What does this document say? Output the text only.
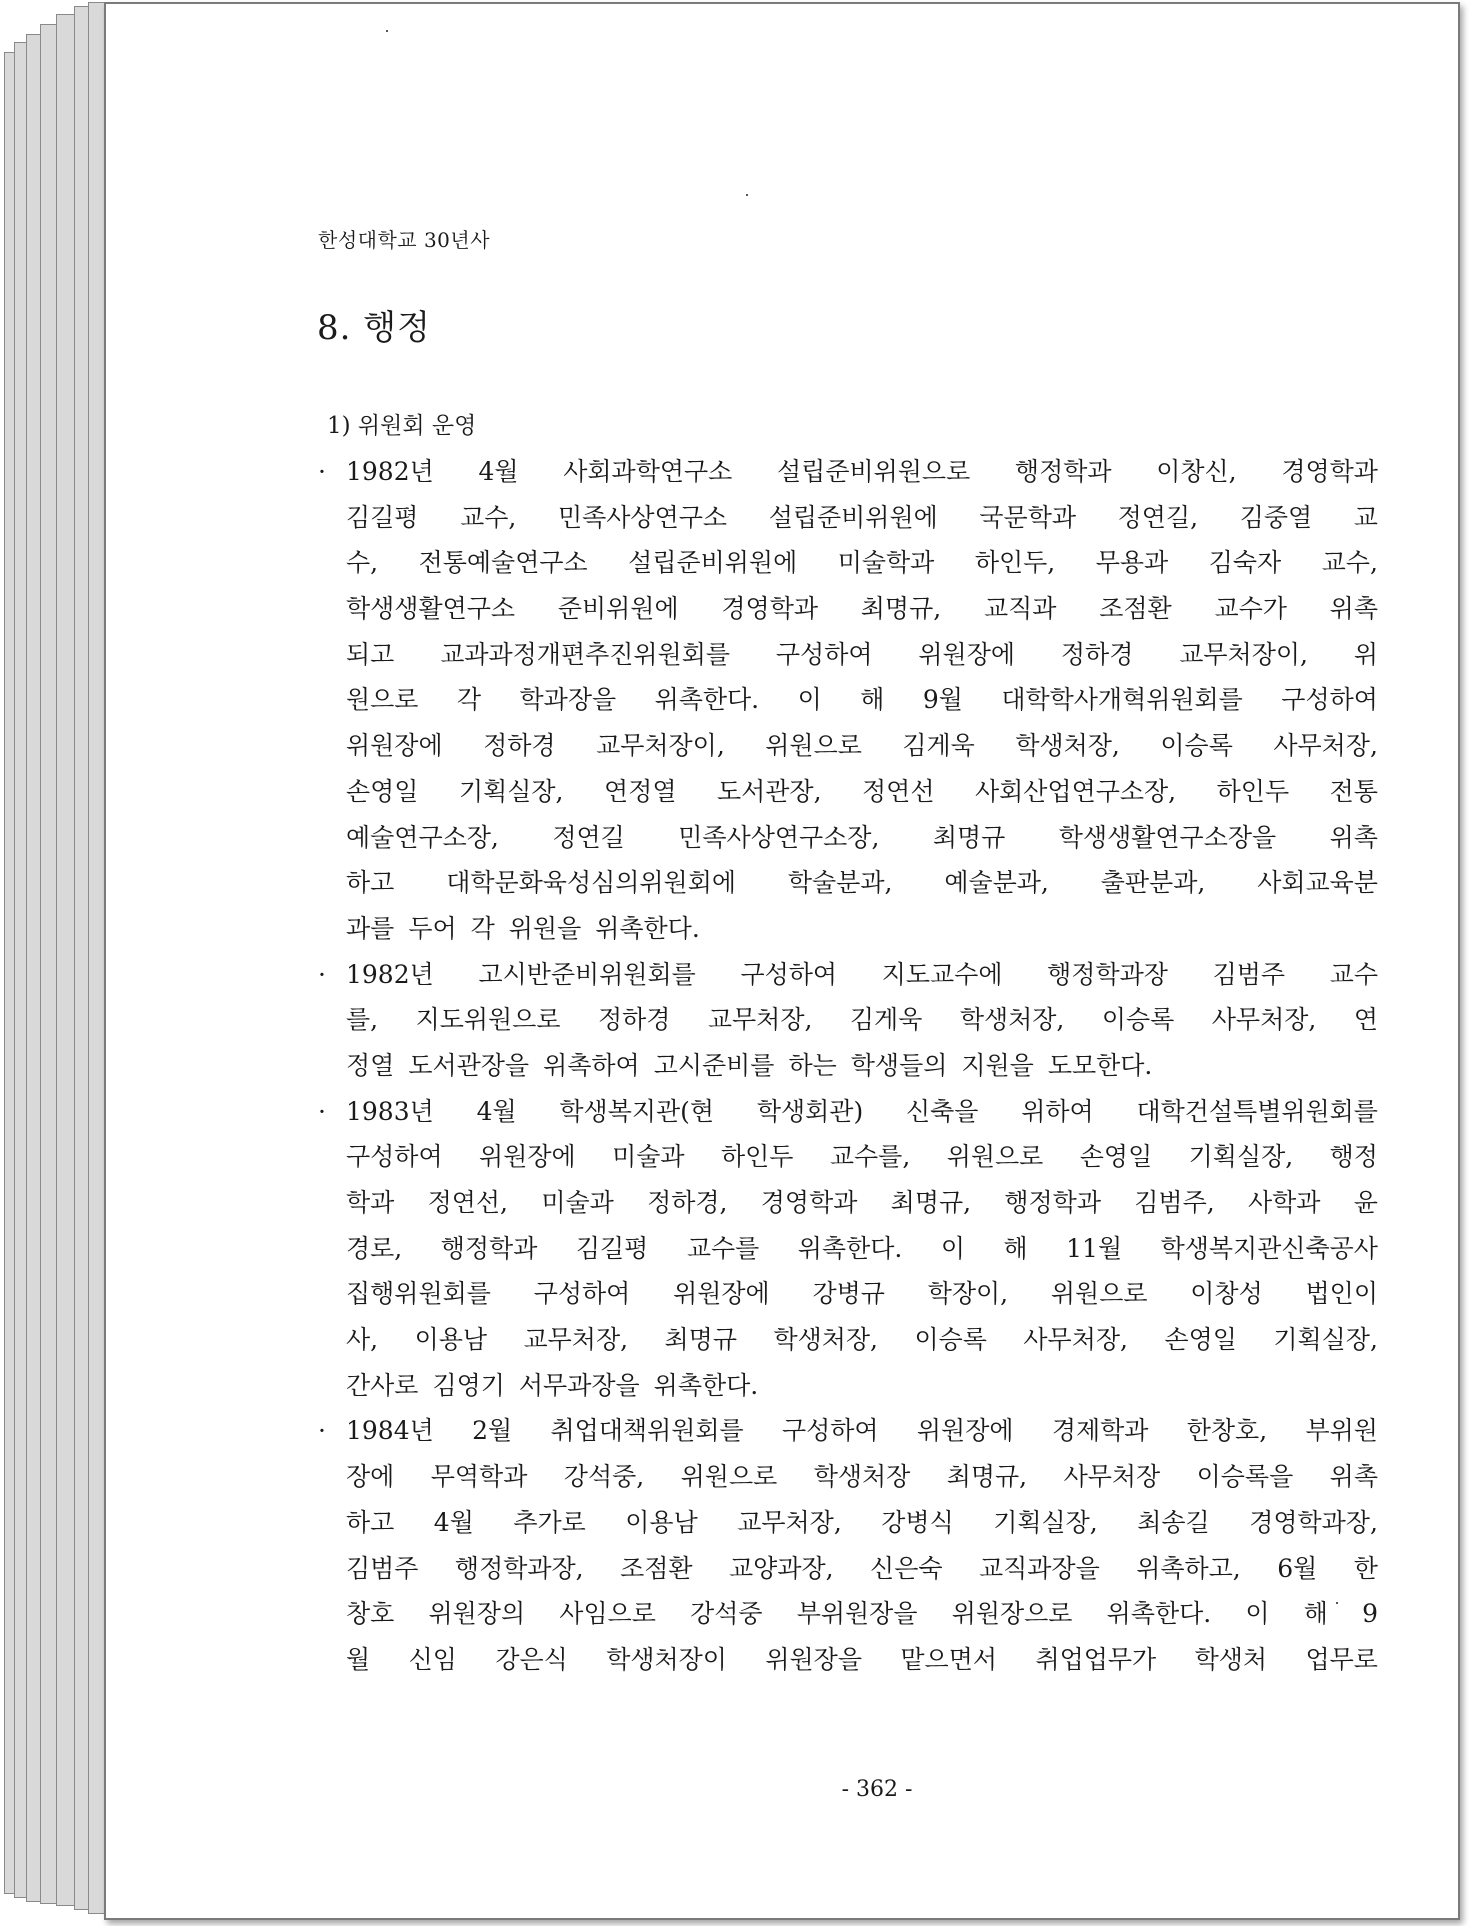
한성대학교 30년사
8. 행정
1) 위원회 운영
· 1982년 4월 사회과학연구소 설립준비위원으로 행정학과 이창신, 경영학과
김길평 교수, 민족사상연구소 설립준비위원에 국문학과 정연길, 김중열 교
수, 전통예술연구소 설립준비위원에 미술학과 하인두, 무용과 김숙자 교수,
학생생활연구소 준비위원에 경영학과 최명규, 교직과 조점환 교수가 위촉
되고 교과과정개편추진위원회를 구성하여 위원장에 정하경 교무처장이, 위
원으로 각 학과장을 위촉한다. 이 해 9월 대학학사개혁위원회를 구성하여
위원장에 정하경 교무처장이, 위원으로 김게욱 학생처장, 이승록 사무처장,
손영일 기획실장, 연정열 도서관장, 정연선 사회산업연구소장, 하인두 전통
예술연구소장, 정연길 민족사상연구소장, 최명규 학생생활연구소장을 위촉
하고 대학문화육성심의위원회에 학술분과, 예술분과, 출판분과, 사회교육분
과를 두어 각 위원을 위촉한다.
· 1982년 고시반준비위원회를 구성하여 지도교수에 행정학과장 김범주 교수
를, 지도위원으로 정하경 교무처장, 김게욱 학생처장, 이승록 사무처장, 연
정열 도서관장을 위촉하여 고시준비를 하는 학생들의 지원을 도모한다.
· 1983년 4월 학생복지관(현 학생회관) 신축을 위하여 대학건설특별위원회를
구성하여 위원장에 미술과 하인두 교수를, 위원으로 손영일 기획실장, 행정
학과 정연선, 미술과 정하경, 경영학과 최명규, 행정학과 김범주, 사학과 윤
경로, 행정학과 김길평 교수를 위촉한다. 이 해 11월 학생복지관신축공사
집행위원회를 구성하여 위원장에 강병규 학장이, 위원으로 이창성 법인이
사, 이용남 교무처장, 최명규 학생처장, 이승록 사무처장, 손영일 기획실장,
간사로 김영기 서무과장을 위촉한다.
· 1984년 2월 취업대책위원회를 구성하여 위원장에 경제학과 한창호, 부위원
장에 무역학과 강석중, 위원으로 학생처장 최명규, 사무처장 이승록을 위촉
하고 4월 추가로 이용남 교무처장, 강병식 기획실장, 최송길 경영학과장,
김범주 행정학과장, 조점환 교양과장, 신은숙 교직과장을 위촉하고, 6월 한
창호 위원장의 사임으로 강석중 부위원장을 위원장으로 위촉한다. 이 해 9
월 신임 강은식 학생처장이 위원장을 맡으면서 취업업무가 학생처 업무로
- 362 -
